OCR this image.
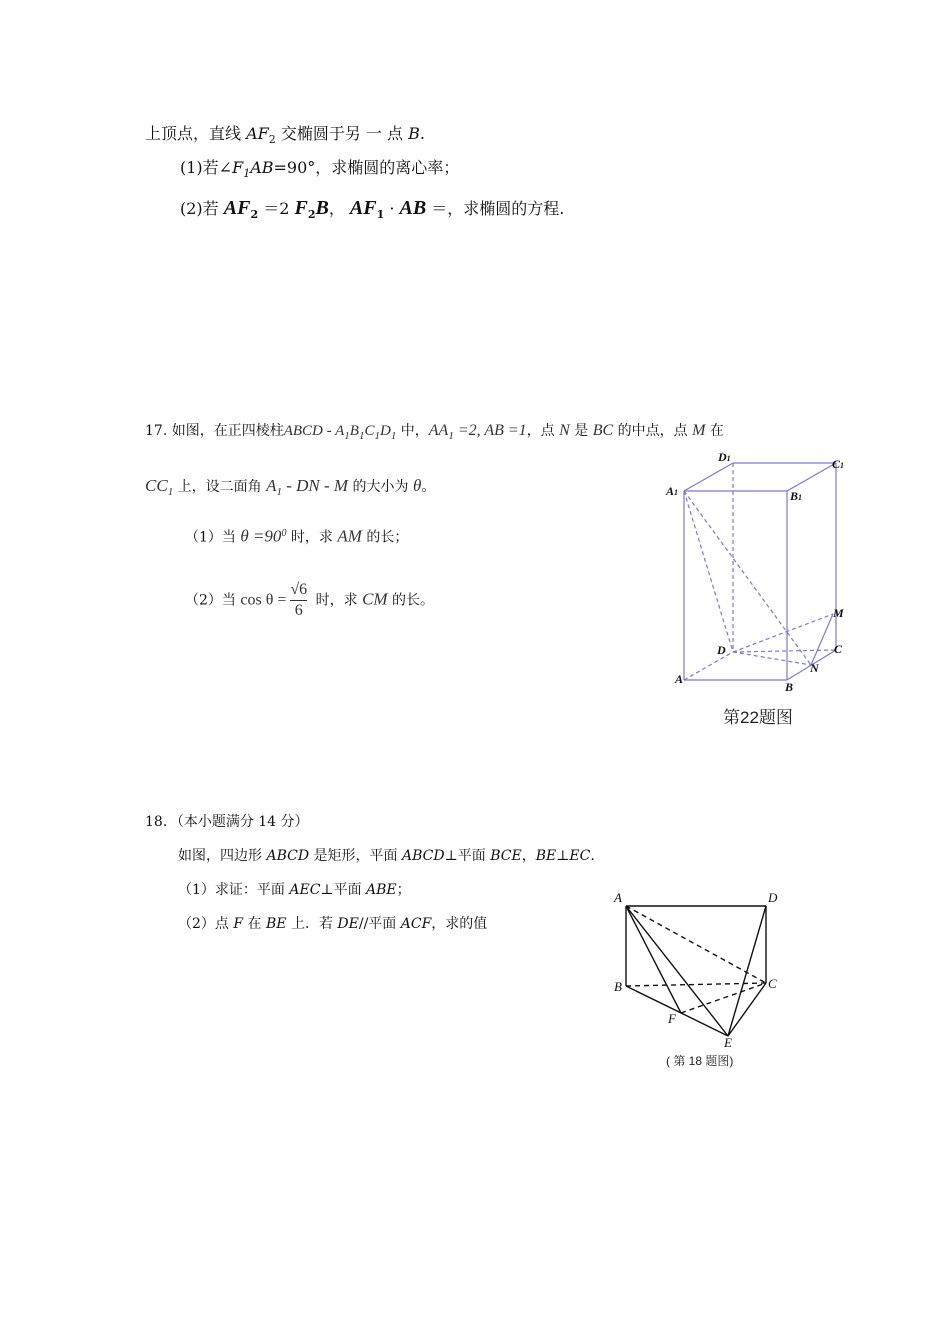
上顶点，直线 $AF_2$ 交椭圆于另 一 点 B.
(1)若$\angle F_1AB=90^\circ$，求椭圆的离心率；
(2)若 $AF_2 =2$ $F_2B$， $AF_1$ · AB ＝，求椭圆的方程.
17. 如图，在正四棱柱ABCD - $A_1B_1C_1D_1$ 中，$AA_1 =2$, AB =1，点 N 是 BC 的中点，点 M 在
$CC_1$ 上，设二面角 $A_1$ - DN - M 的大小为 θ。
（1）当 $\theta =90^0$ 时，求 AM 的长；
（2）当 $\cos \theta = \frac{√6}{6}$ 时，求 CM 的长。
D1	C1
A1	B1
M
D	C
N
A
B
第22题图
18．（本小题满分 14 分）
如图，四边形 ABCD 是矩形，平面 ABCD⊥平面 BCE，BE⊥EC.
（1）求证：平面 AEC⊥平面 ABE；
（2）点 F 在 BE 上．若 DE//平面 ACF，求的值
A	D
B	C
F
E
( 第 18 题图)
